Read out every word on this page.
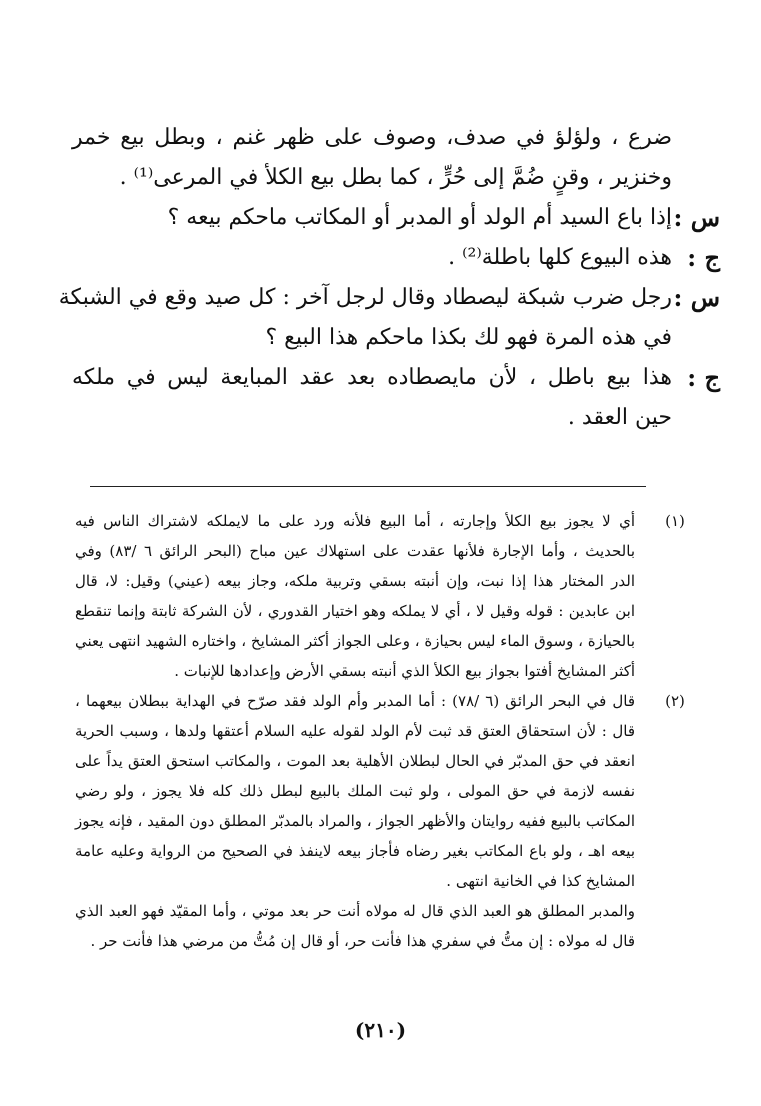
ضرع ، ولؤلؤ في صدف، وصوف على ظهر غنم ، وبطل بيع خمر
وخنزير ، وقنٍ ضُمَّ إلى حُرٍّ ، كما بطل بيع الكلأ في المرعى⁽¹⁾ .
س :
إذا باع السيد أم الولد أو المدبر أو المكاتب ماحكم بيعه ؟
ج :
هذه البيوع كلها باطلة⁽²⁾ .
س :
رجل ضرب شبكة ليصطاد وقال لرجل آخر : كل صيد وقع في الشبكة
في هذه المرة فهو لك بكذا ماحكم هذا البيع ؟
ج :
هذا بيع باطل ، لأن مايصطاده بعد عقد المبايعة ليس في ملكه
حين العقد .
(١)
أي لا يجوز بيع الكلأ وإجارته ، أما البيع فلأنه ورد على ما لايملكه لاشتراك الناس فيه
بالحديث ، وأما الإجارة فلأنها عقدت على استهلاك عين مباح (البحر الرائق ٦ /٨٣) وفي
الدر المختار هذا إذا نبت، وإن أنبته بسقي وتربية ملكه، وجاز بيعه (عيني) وقيل: لا، قال
ابن عابدين : قوله وقيل لا ، أي لا يملكه وهو اختيار القدوري ، لأن الشركة ثابتة وإنما تنقطع
بالحيازة ، وسوق الماء ليس بحيازة ، وعلى الجواز أكثر المشايخ ، واختاره الشهيد انتهى يعني
أكثر المشايخ أفتوا بجواز بيع الكلأ الذي أنبته بسقي الأرض وإعدادها للإنبات .
(٢)
قال في البحر الرائق (٦ /٧٨) : أما المدبر وأم الولد فقد صرّح في الهداية ببطلان بيعهما ،
قال : لأن استحقاق العتق قد ثبت لأم الولد لقوله عليه السلام أعتقها ولدها ، وسبب الحرية
انعقد في حق المدبّر في الحال لبطلان الأهلية بعد الموت ، والمكاتب استحق العتق يداً على
نفسه لازمة في حق المولى ، ولو ثبت الملك بالبيع لبطل ذلك كله فلا يجوز ، ولو رضي
المكاتب بالبيع ففيه روايتان والأظهر الجواز ، والمراد بالمدبّر المطلق دون المقيد ، فإنه يجوز
بيعه اهـ ، ولو باع المكاتب بغير رضاه فأجاز بيعه لاينفذ في الصحيح من الرواية وعليه عامة
المشايخ كذا في الخانية انتهى .
والمدبر المطلق هو العبد الذي قال له مولاه أنت حر بعد موتي ، وأما المقيّد فهو العبد الذي
قال له مولاه : إن متُّ في سفري هذا فأنت حر، أو قال إن مُتُّ من مرضي هذا فأنت حر .
(٢١٠)
